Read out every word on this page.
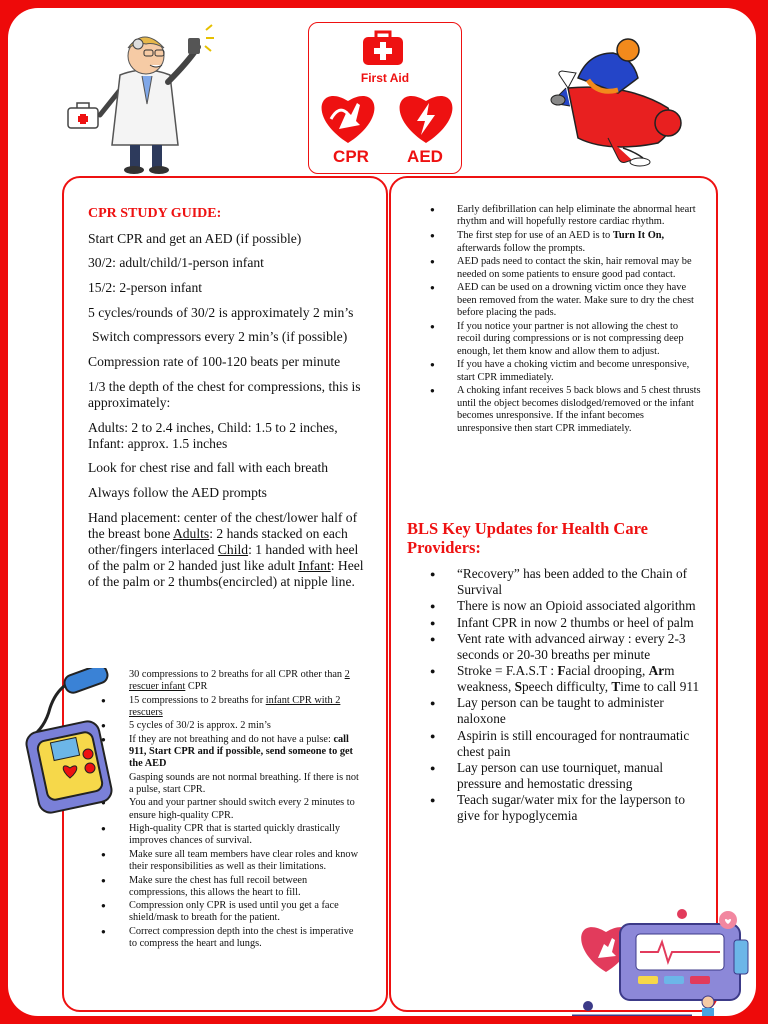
First Aid
CPR	AED

CPR STUDY GUIDE:

Start CPR and get an AED (if possible)

30/2: adult/child/1-person infant

15/2: 2-person infant

5 cycles/rounds of 30/2 is approximately 2 min’s

Switch compressors every 2 min’s (if possible)

Compression rate of 100-120 beats per minute

1/3 the depth of the chest for compressions, this is approximately:

Adults: 2 to 2.4 inches, Child: 1.5 to 2 inches, Infant: approx. 1.5 inches

Look for chest rise and fall with each breath

Always follow the AED prompts

Hand placement: center of the chest/lower half of the breast bone Adults: 2 hands stacked on each other/fingers interlaced Child: 1 handed with heel of the palm or 2 handed just like adult Infant: Heel of the palm or 2 thumbs(encircled) at nipple line.

● 30 compressions to 2 breaths for all CPR other than 2 rescuer infant CPR
● 15 compressions to 2 breaths for infant CPR with 2 rescuers
● 5 cycles of 30/2 is approx. 2 min’s
● If they are not breathing and do not have a pulse: call 911, Start CPR and if possible, send someone to get the AED
● Gasping sounds are not normal breathing. If there is not a pulse, start CPR.
● You and your partner should switch every 2 minutes to ensure high-quality CPR.
● High-quality CPR that is started quickly drastically improves chances of survival.
● Make sure all team members have clear roles and know their responsibilities as well as their limitations.
● Make sure the chest has full recoil between compressions, this allows the heart to fill.
● Compression only CPR is used until you get a face shield/mask to breath for the patient.
● Correct compression depth into the chest is imperative to compress the heart and lungs.
● Early defibrillation can help eliminate the abnormal heart rhythm and will hopefully restore cardiac rhythm.
● The first step for use of an AED is to Turn It On, afterwards follow the prompts.
● AED pads need to contact the skin, hair removal may be needed on some patients to ensure good pad contact.
● AED can be used on a drowning victim once they have been removed from the water. Make sure to dry the chest before placing the pads.
● If you notice your partner is not allowing the chest to recoil during compressions or is not compressing deep enough, let them know and allow them to adjust.
● If you have a choking victim and become unresponsive, start CPR immediately.
● A choking infant receives 5 back blows and 5 chest thrusts until the object becomes dislodged/removed or the infant becomes unresponsive. If the infant becomes unresponsive then start CPR immediately.
BLS Key Updates for Health Care Providers:
● “Recovery” has been added to the Chain of Survival
● There is now an Opioid associated algorithm
● Infant CPR in now 2 thumbs or heel of palm
● Vent rate with advanced airway : every 2-3 seconds or 20-30 breaths per minute
● Stroke = F.A.S.T : Facial drooping, Arm weakness, Speech difficulty, Time to call 911
● Lay person can be taught to administer naloxone
● Aspirin is still encouraged for nontraumatic chest pain
● Lay person can use tourniquet, manual pressure and hemostatic dressing
● Teach sugar/water mix for the layperson to give for hypoglycemia
